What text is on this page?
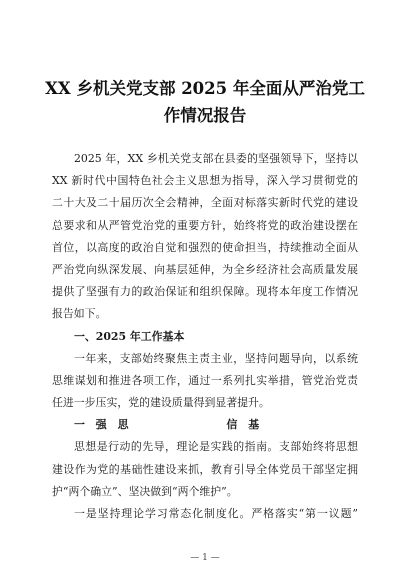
XX 乡机关党支部 2025 年全面从严治党工
作情况报告
2025 年，XX 乡机关党支部在县委的坚强领导下，坚持以
XX 新时代中国特色社会主义思想为指导，深入学习贯彻党的
二十大及二十届历次全会精神，全面对标落实新时代党的建设
总要求和从严管党治党的重要方针，始终将党的政治建设摆在
首位，以高度的政治自觉和强烈的使命担当，持续推动全面从
严治党向纵深发展、向基层延伸，为全乡经济社会高质量发展
提供了坚强有力的政治保证和组织保障。现将本年度工作情况
报告如下。
一、2025 年工作基本
一年来，支部始终聚焦主责主业，坚持问题导向，以系统
思维谋划和推进各项工作，通过一系列扎实举措，管党治党责
任进一步压实，党的建设质量得到显著提升。
一　强　思	信　基
思想是行动的先导，理论是实践的指南。支部始终将思想
建设作为党的基础性建设来抓，教育引导全体党员干部坚定拥
护“两个确立”、坚决做到“两个维护”。
一是坚持理论学习常态化制度化。严格落实“第一议题”
— 1 —
